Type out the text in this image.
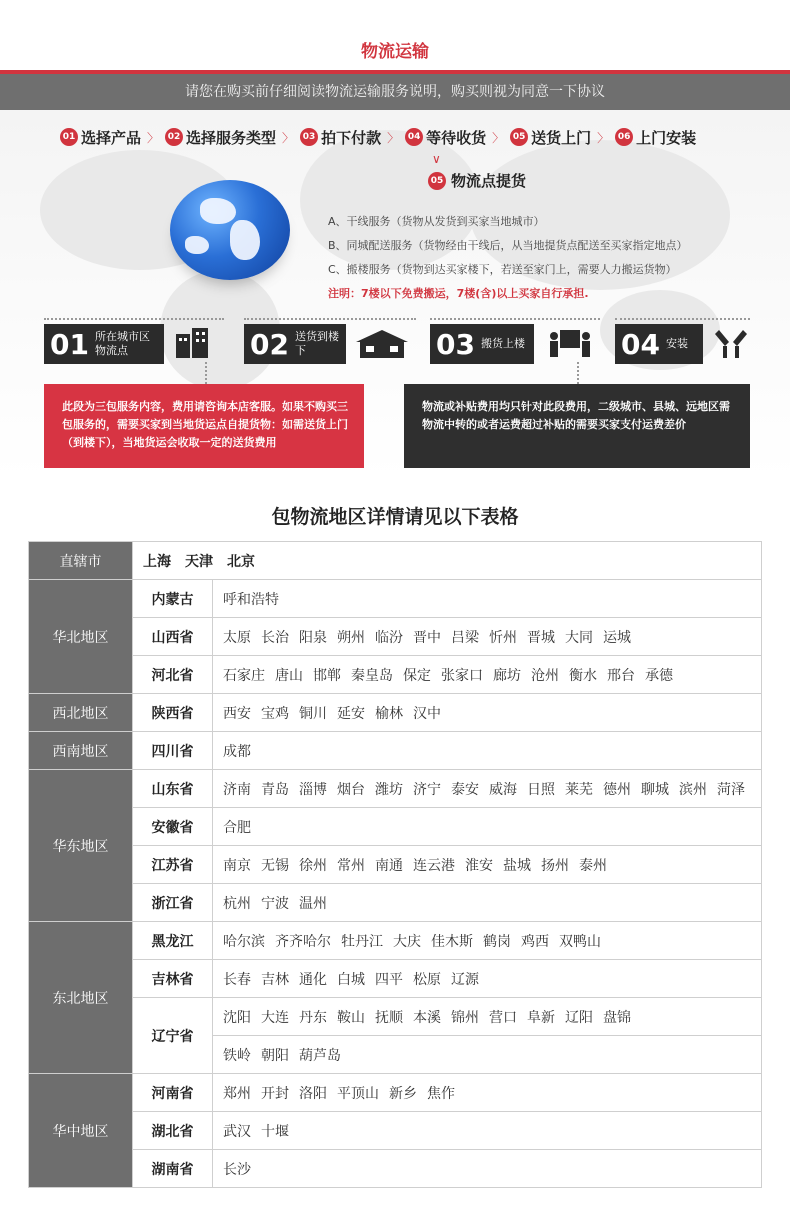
物流运输
请您在购买前仔细阅读物流运输服务说明，购买则视为同意一下协议
01 选择产品 〉 02 选择服务类型 〉 03 拍下付款 〉 04 等待收货 〉 05 送货上门 〉 06 上门安装
∨
05 物流点提货
A、干线服务（货物从发货到买家当地城市）
B、同城配送服务（货物经由干线后，从当地提货点配送至买家指定地点）
C、搬楼服务（货物到达买家楼下，若送至家门上，需要人力搬运货物）
注明：7楼以下免费搬运，7楼(含)以上买家自行承担.
01 所在城市区物流点	02 送货到楼下	03 搬货上楼	04 安装
此段为三包服务内容，费用请咨询本店客服。如果不购买三包服务的，需要买家到当地货运点自提货物：如需送货上门（到楼下），当地货运会收取一定的送货费用
物流或补贴费用均只针对此段费用，二级城市、县城、远地区需物流中转的或者运费超过补贴的需要买家支付运费差价
包物流地区详情请见以下表格
直辖市	上海　天津　北京	
华北地区	内蒙古	呼和浩特
	山西省	太原 长治 阳泉 朔州 临汾 晋中 吕梁 忻州 晋城 大同 运城
	河北省	石家庄 唐山 邯郸 秦皇岛 保定 张家口 廊坊 沧州 衡水 邢台 承德
西北地区	陕西省	西安 宝鸡 铜川 延安 榆林 汉中
西南地区	四川省	成都
华东地区	山东省	济南 青岛 淄博 烟台 潍坊 济宁 泰安 威海 日照 莱芜 德州 聊城 滨州 菏泽
	安徽省	合肥
	江苏省	南京 无锡 徐州 常州 南通 连云港 淮安 盐城 扬州 泰州
	浙江省	杭州 宁波 温州
东北地区	黑龙江	哈尔滨 齐齐哈尔 牡丹江 大庆 佳木斯 鹤岗 鸡西 双鸭山
	吉林省	长春 吉林 通化 白城 四平 松原 辽源
	辽宁省	沈阳 大连 丹东 鞍山 抚顺 本溪 锦州 营口 阜新 辽阳 盘锦
		铁岭 朝阳 葫芦岛
华中地区	河南省	郑州 开封 洛阳 平顶山 新乡 焦作
	湖北省	武汉 十堰
	湖南省	长沙
